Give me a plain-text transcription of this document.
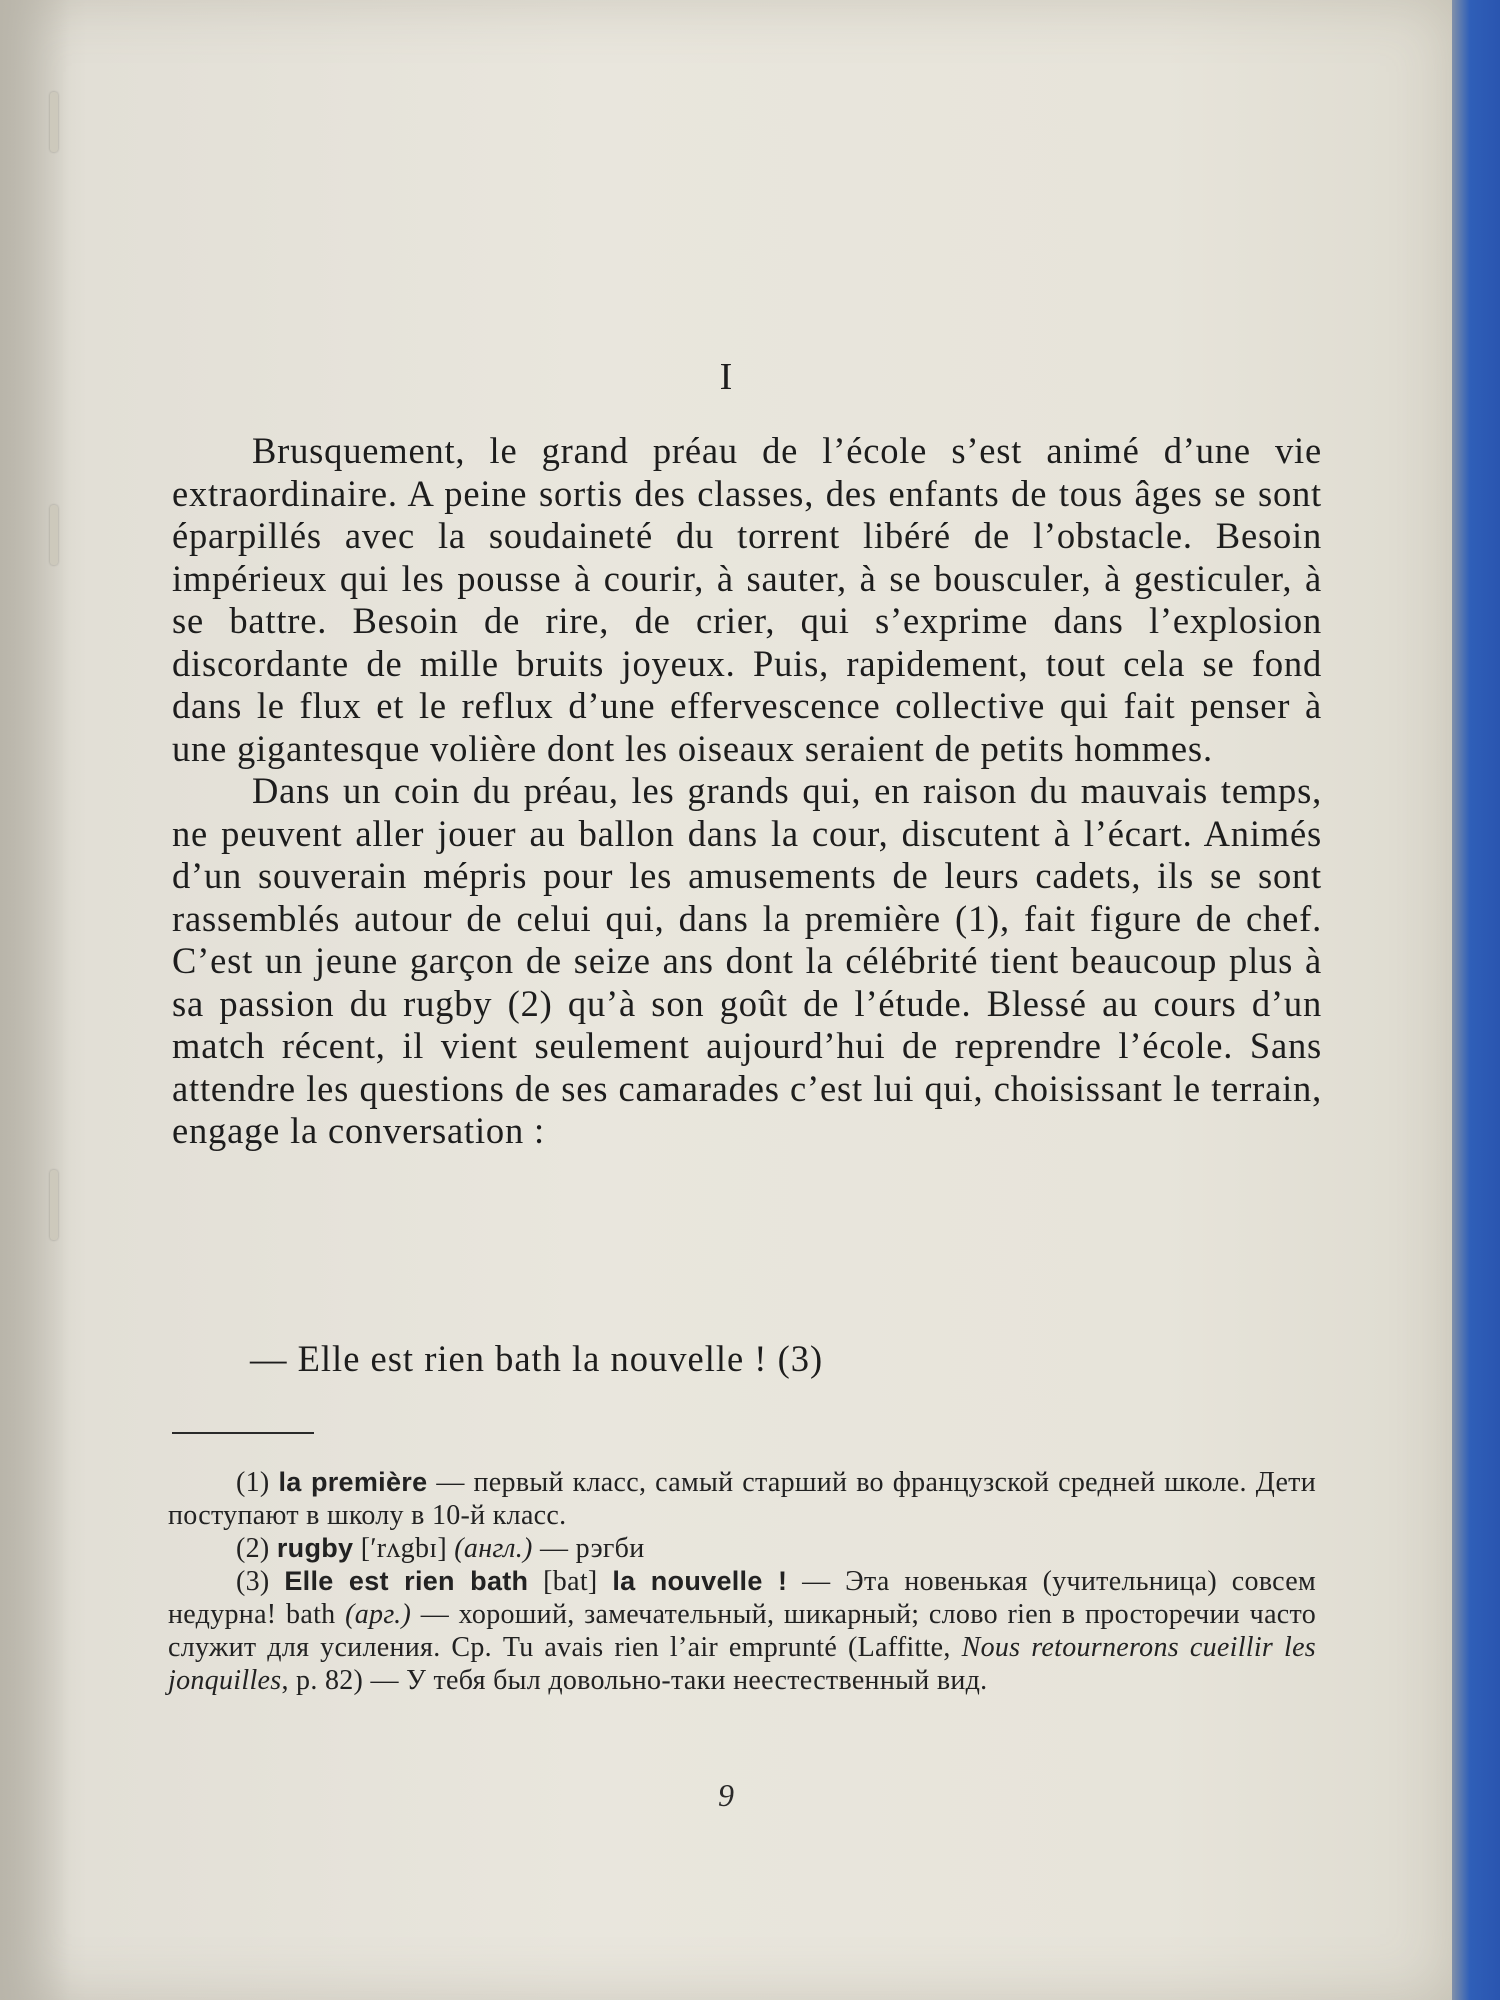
I

Brusquement, le grand préau de l’école s’est animé d’une vie extraordinaire. A peine sortis des classes, des enfants de tous âges se sont éparpillés avec la soudaineté du torrent libéré de l’obstacle. Besoin impérieux qui les pousse à courir, à sauter, à se bousculer, à gesticuler, à se battre. Besoin de rire, de crier, qui s’exprime dans l’explosion discordante de mille bruits joyeux. Puis, rapidement, tout cela se fond dans le flux et le reflux d’une effervescence collective qui fait penser à une gigantesque volière dont les oiseaux seraient de petits hommes.

Dans un coin du préau, les grands qui, en raison du mauvais temps, ne peuvent aller jouer au ballon dans la cour, discutent à l’écart. Animés d’un souverain mépris pour les amusements de leurs cadets, ils se sont rassemblés autour de celui qui, dans la première (1), fait figure de chef. C’est un jeune garçon de seize ans dont la célébrité tient beaucoup plus à sa passion du rugby (2) qu’à son goût de l’étude. Blessé au cours d’un match récent, il vient seulement aujourd’hui de reprendre l’école. Sans attendre les questions de ses camarades c’est lui qui, choisissant le terrain, engage la conversation :

— Elle est rien bath la nouvelle ! (3)

(1) la première — первый класс, самый старший во французской средней школе. Дети поступают в школу в 10-й класс.

(2) rugby [ʹrʌgbɪ] (англ.) — рэгби

(3) Elle est rien bath [bat] la nouvelle ! — Эта новенькая (учительница) совсем недурна! bath (арг.) — хороший, замечательный, шикарный; слово rien в просторечии часто служит для усиления. Ср. Tu avais rien l’air emprunté (Laffitte, Nous retournerons cueillir les jonquilles, p. 82) — У тебя был довольно-таки неестественный вид.

9
